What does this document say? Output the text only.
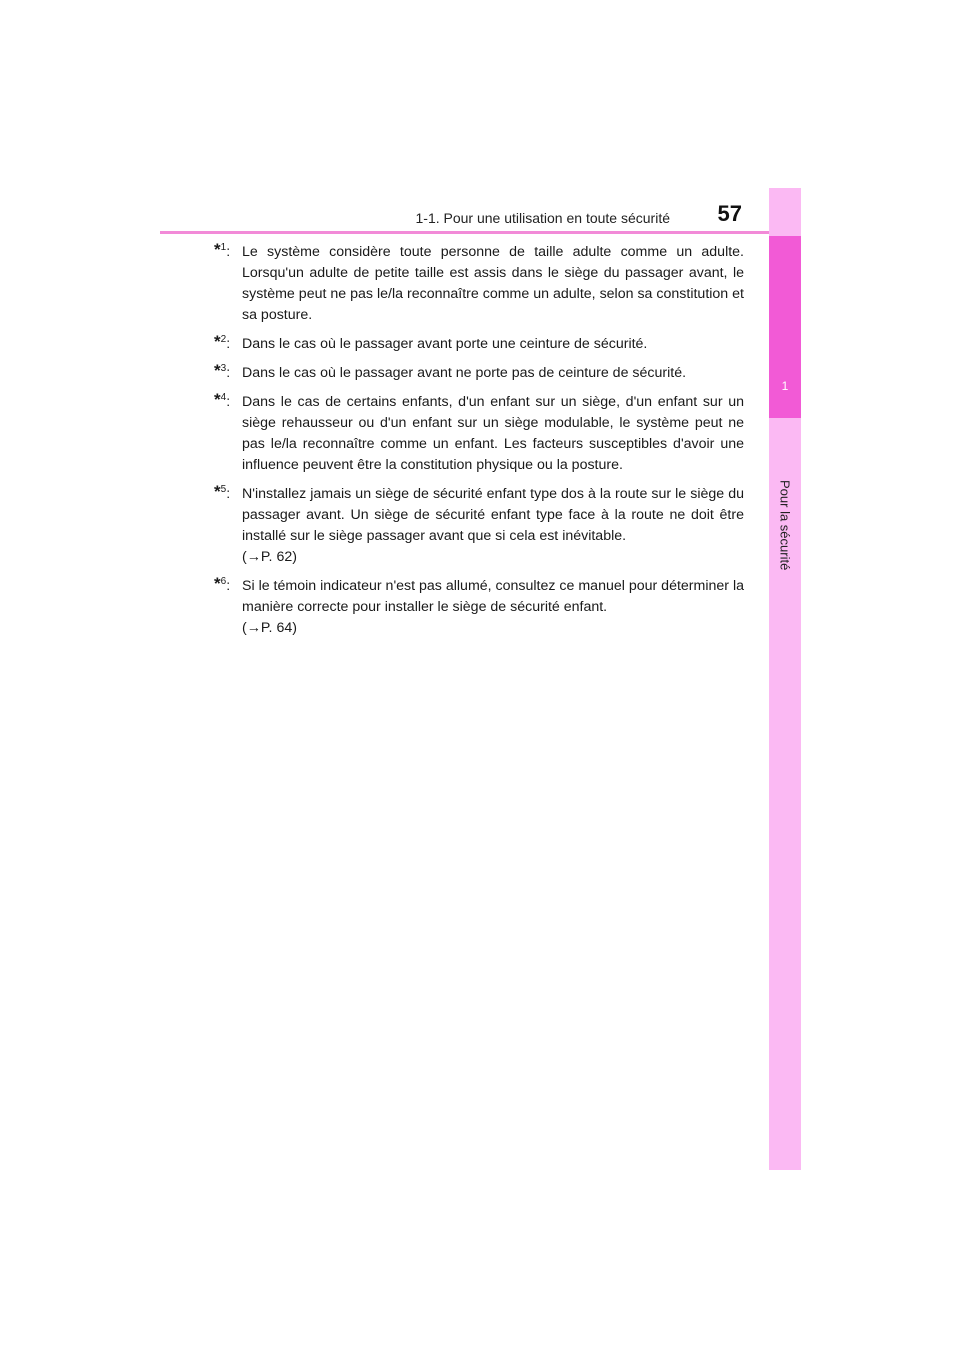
1-1. Pour une utilisation en toute sécurité 57
1
Pour la sécurité
*$^1$: Le système considère toute personne de taille adulte comme un adulte. Lorsqu'un adulte de petite taille est assis dans le siège du passager avant, le système peut ne pas le/la reconnaître comme un adulte, selon sa constitution et sa posture.
*$^2$: Dans le cas où le passager avant porte une ceinture de sécurité.
*$^3$: Dans le cas où le passager avant ne porte pas de ceinture de sécurité.
*$^4$: Dans le cas de certains enfants, d'un enfant sur un siège, d'un enfant sur un siège rehausseur ou d'un enfant sur un siège modulable, le système peut ne pas le/la reconnaître comme un enfant. Les facteurs susceptibles d'avoir une influence peuvent être la constitution physique ou la posture.
*$^5$: N'installez jamais un siège de sécurité enfant type dos à la route sur le siège du passager avant. Un siège de sécurité enfant type face à la route ne doit être installé sur le siège passager avant que si cela est inévitable.
(→P. 62)
*$^6$: Si le témoin indicateur n'est pas allumé, consultez ce manuel pour déterminer la manière correcte pour installer le siège de sécurité enfant.
(→P. 64)
